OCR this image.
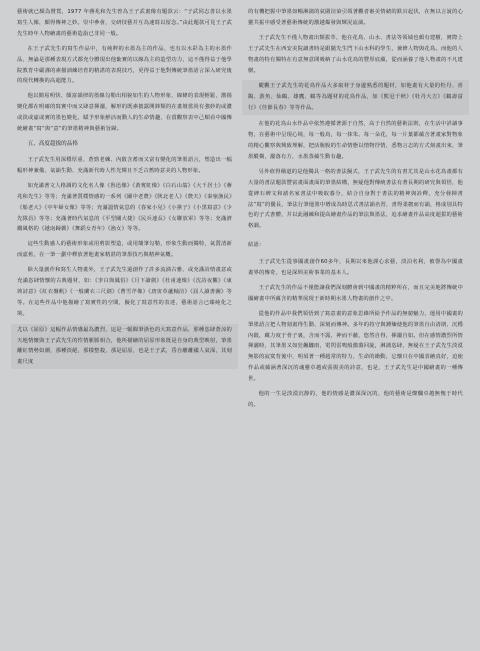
藝術就已頗為贊賞，1977 年蔣兆和先生曾為王子武畫像有題款云：“子武同志善以水墨寫生人像，頗得傳神之妙。崇中參會，交研技藝并互為速寫以留念。”由此題款可見王子武先生時年人物繪畫的藝術造詣已非同一般。

在王子武先生的寫生作品中，有純粹的水墨為主的作品，也有以水彩為主的水墨作品，無論是那種表現方式都充分體現出他紮實的以線為主的造型功力，這不僅得益于他學院教育中嚴謹的素描訓練培育的精湛的表現技巧，更得益于他對傳統筆墨語言深入研究後的現代轉換的高超能力。

他以簡易明快、頗富韻律的墨線勾勒出相貌如生的人物形象，線條的表現輕鬆，激揚變化都在明確的寫實中而又肆意揮灑，解形的既素披露開鋒類的在畫壇當尚有強妙的或濃或淡或虛或實的墨色變化，賦予形象鮮活而動人的生命情趣，在當觀察表中己順看中國傳統繪畫“寫”與“意”的筆墨精神與藝術旨歸。

五、高度超拔的品格

王子武先生用深穩厚重、蒼勁老練、內斂含蓄而又富有變化的筆墨語言，塑造出一幅幅形神兼備、氣韻生動、充滿新代時人性光輝且不乏古舊時意美的人物形象。

如充滿著文人格調的文化名人像《魯迅像》《黃賓虹像》《白石山翁》《大千居士》《蔣兆和先生》等等；充滿著質樸情感的一系列《關中老農》《陝北老人》《農夫》《秦嶺漁民》《船老大》《中年婦女像》等等；充滿溫情氣息的《春家小兒》《小黨子》《小黑寫意》《少先隊員》等等；充滿著時代氣息的《平型關大捷》《民兵連長》《女聯放軍》等等；充滿濟鐵風格的《越南歸僑》《舞蹈女青年》《漁女》等等。

這些生動感人的藝術形象或用剪影塑造，或用簡筆勾勒，形象生動而獨特，氣質清新而嘉蕉，在一筆一劃中釋放著他畫家精湛的筆墨技巧與精神氣概。

除大量創作和寫生人物畫外，王子武先生還創作了許多流淌古雅、或充滿詩情畫意或充滿恣肆情懷的古典題材，如：《李白與鳳俗》《月下讀劍》《杜甫連像》《沈詩夜觀》《東坡詩意》《紅衣盤帆》《一般蘭衣三尺劍》《曹雪芹像》《唐寅草蘆軸渲》《屈人讀書圖》等等。在這些作品中他描繪了寫實性的空間，擬化了寫意性的表達，藝術語言已臻純化之境。

尤以《屈原》這幅作品情感最為濃烈，這是一幅閱筆浙色的大寫意作品，那種恣肆蒼涼的天地情懷與王子武先生的性情脈脈相合，他所描繪的屈原形象既是自身的典型映射，筆墨離紅情勢如潮，那種淡絕，那樣整殺，那是屈原，也是王子武，昏自離離國人氣深，其刻畫尺度

的有機把握中筆墨如暢淋漓的氣圍渲染引領著觀者審美情緒的跌宕起伏，在無以言說的心靈共振中感受著藝術傳統的激越爆發與輝況流淌。

王子武先生不僅人物畫出類拔萃，他在花鳥、山水、書法等領域也頗有建樹，實際上王子武先生在西安美院讀書時是跟隨先生門下山水科的學生，兼修人物與花鳥。而他的人物畫的特有獨特在有意無意間吸納了山水花鳥的豐厚底蘊，從而涵養了他人物畫的不凡建樹。

縱觀王子武先生的花鳥作品大多取材于身邊熟悉的題材，如他畫有大量的牡丹、喜鵲、游魚、仙鶴、雄鷹、鶴等為題材的花鳥作品，如《熊冠千秋》《牡丹大吉》《鶴壽富行》《佳節長春》等等作品。

在他的花鳥山水作品中依然遵循著源于自然，高于自然的藝術法則，在生活中詳讀事物，在藝術中呈現心境，每一般鳥，每一抹朱、每一朵花，每一片葉都蘊含著畫家對物象的精心觀察與興致理解，把活脫脫的生命情態以情物抒情，悉物言志的方式刻畫出來，筆墨縱橫，灑落有方，水墨蒸蘊生動有趣。

另外值得稱道的是他獨具一格的書法擬式，王子武先生的有書尤其是山水花鳥畫都有大量的書法題款豐富畫面畫面的筆墨結構，無疑他對傳統書法有著長期的研究與領悟，他從碑石碑文和諸名家書法中吸取養分，結合自身對于書法的精神與詮釋，充分發揮書法“寫”的優長，筆法行筆運墨中增成為時思式書法韻名習，書得柔韌而有韻，格成別具特色的子式書體，并以此融練和提高繪畫作品的筆法與墨法，追求繪畫作品高度超拔的藝術格調。

結語：

王子武先生從事國畫創作60多年，長期以來他謹心求藝，淡泊名利，被譽為中國畫畫界的傳奇，也是深圳美術事業的基本人。

王子武先生的作品不僅能讓我們深刻體會到中國畫的精粹所在，而且完美地將傳統中國繪畫中所蘊含的精華展現于新時期水墨人物畫的創作之中。

從他的作品中我們領悟到了寫意畫的意象思維所給予作品的無窮魅力，運用中國畫的筆墨語言把人物刻畫得生動、深刻而傳神。多年的持守與錘煉使他的筆墨自由清朗、沉穩內斂，藏力度于骨子裏，含而不露，神而不蔽，悠然自得，揮灑自如。但在感情濃烈所情揮灑時，其筆墨又如狂飆驟雨，電閃雷鳴般激蕩回旋，淋漓恣肆，無疑在王子武先生淡漠無影的寂寞背後中，明須著一種超常的特力，生命的衝動，忘懷只在中國表繪真好，迫使作品或蘊涵著深沉的魂靈卓越或張揚美的詩意，也是，王子武先生是中國繪畫的一種傳世。

他的一生是淡漠沉靜的，他的情感是濃深深沉的，他的藝術是燦爛卓越無愧于時代的。
